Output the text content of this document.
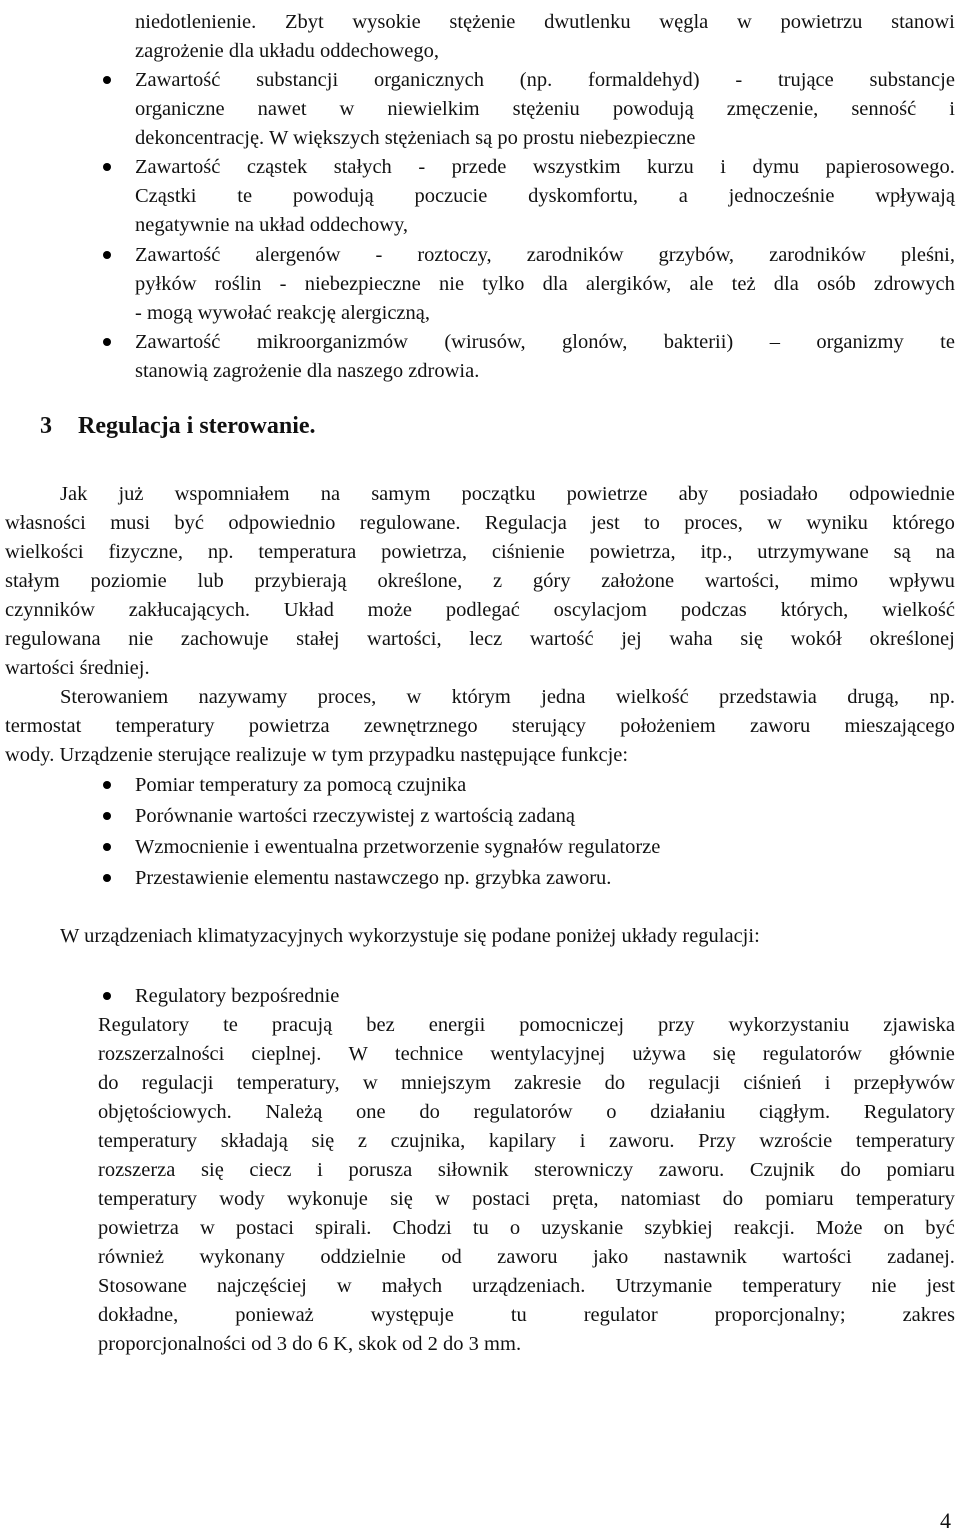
3 Regulacja i sterowanie.
4
niedotlenienie. Zbyt wysokie stężenie dwutlenku węgla w powietrzu stanowi
zagrożenie dla układu oddechowego,
Zawartość substancji organicznych (np. formaldehyd) - trujące substancje
organiczne nawet w niewielkim stężeniu powodują zmęczenie, senność i
dekoncentrację. W większych stężeniach są po prostu niebezpieczne
Zawartość cząstek stałych - przede wszystkim kurzu i dymu papierosowego.
Cząstki te powodują poczucie dyskomfortu, a jednocześnie wpływają
negatywnie na układ oddechowy,
Zawartość alergenów - roztoczy, zarodników grzybów, zarodników pleśni,
pyłków roślin - niebezpieczne nie tylko dla alergików, ale też dla osób zdrowych
- mogą wywołać reakcję alergiczną,
Zawartość mikroorganizmów (wirusów, glonów, bakterii) – organizmy te
stanowią zagrożenie dla naszego zdrowia.
Jak już wspomniałem na samym początku powietrze aby posiadało odpowiednie
własności musi być odpowiednio regulowane. Regulacja jest to proces, w wyniku którego
wielkości fizyczne, np. temperatura powietrza, ciśnienie powietrza, itp., utrzymywane są na
stałym poziomie lub przybierają określone, z góry założone wartości, mimo wpływu
czynników zakłucających. Układ może podlegać oscylacjom podczas których, wielkość
regulowana nie zachowuje stałej wartości, lecz wartość jej waha się wokół określonej
wartości średniej.
Sterowaniem nazywamy proces, w którym jedna wielkość przedstawia drugą, np.
termostat temperatury powietrza zewnętrznego sterujący położeniem zaworu mieszającego
wody. Urządzenie sterujące realizuje w tym przypadku następujące funkcje:
Pomiar temperatury za pomocą czujnika
Porównanie wartości rzeczywistej z wartością zadaną
Wzmocnienie i ewentualna przetworzenie sygnałów regulatorze
Przestawienie elementu nastawczego np. grzybka zaworu.
W urządzeniach klimatyzacyjnych wykorzystuje się podane poniżej układy regulacji:
Regulatory bezpośrednie
Regulatory te pracują bez energii pomocniczej przy wykorzystaniu zjawiska
rozszerzalności cieplnej. W technice wentylacyjnej używa się regulatorów głównie
do regulacji temperatury, w mniejszym zakresie do regulacji ciśnień i przepływów
objętościowych. Należą one do regulatorów o działaniu ciągłym. Regulatory
temperatury składają się z czujnika, kapilary i zaworu. Przy wzroście temperatury
rozszerza się ciecz i porusza siłownik sterowniczy zaworu. Czujnik do pomiaru
temperatury wody wykonuje się w postaci pręta, natomiast do pomiaru temperatury
powietrza w postaci spirali. Chodzi tu o uzyskanie szybkiej reakcji. Może on być
również wykonany oddzielnie od zaworu jako nastawnik wartości zadanej.
Stosowane najczęściej w małych urządzeniach. Utrzymanie temperatury nie jest
dokładne,	ponieważ	występuje	tu	regulator	proporcjonalny;	zakres
proporcjonalności od 3 do 6 K, skok od 2 do 3 mm.
